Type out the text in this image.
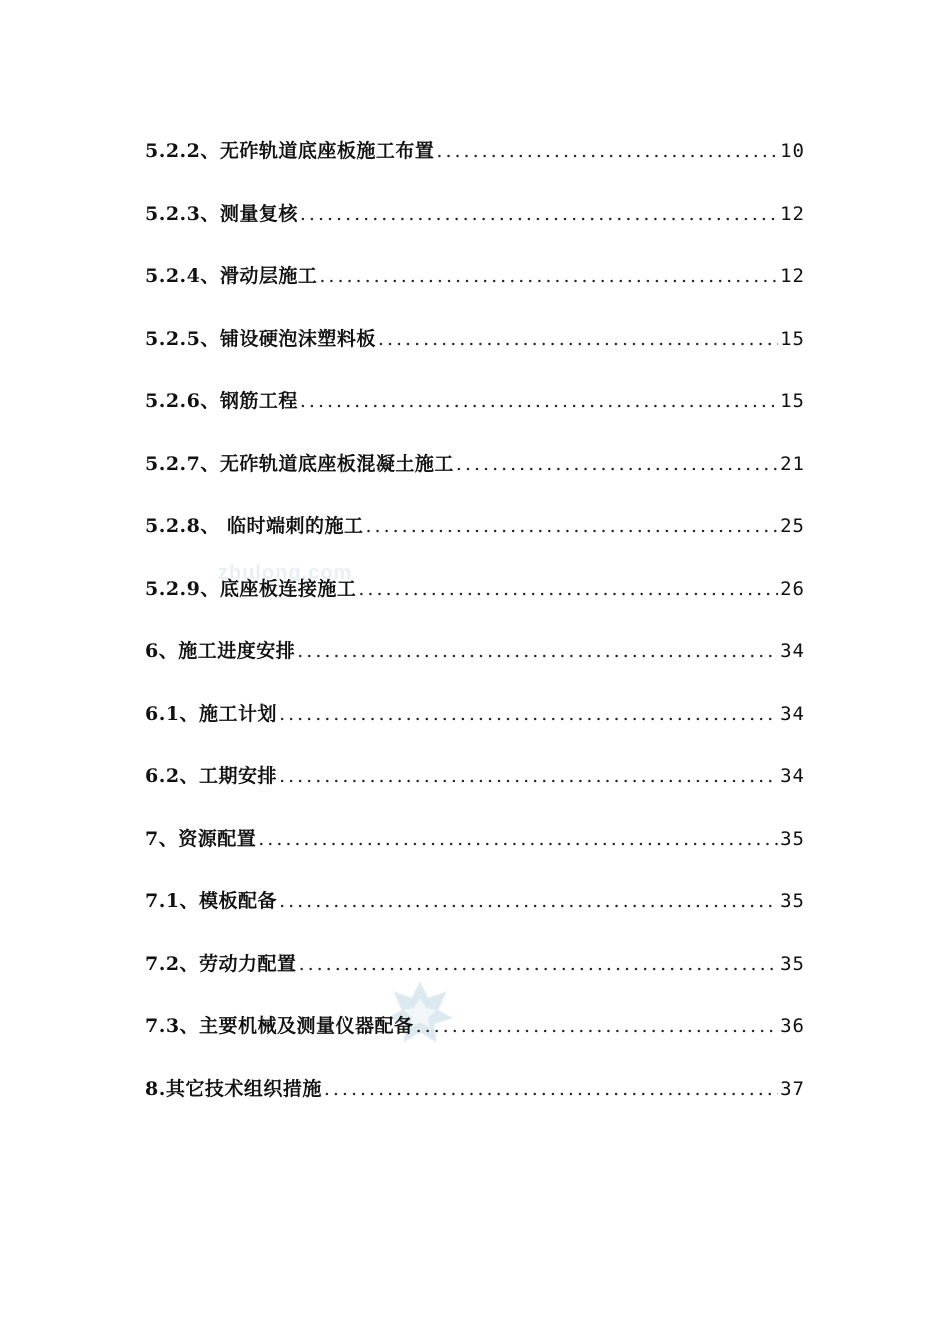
zhulong.com
5.2.2、无砟轨道底座板施工布置 .....	10
5.2.3、测量复核 .....	12
5.2.4、滑动层施工 .....	12
5.2.5、铺设硬泡沫塑料板 .....	15
5.2.6、钢筋工程 .....	15
5.2.7、无砟轨道底座板混凝土施工 .....	21
5.2.8、 临时端刺的施工 .....	25
5.2.9、底座板连接施工 .....	26
6、施工进度安排 .....	34
6.1、施工计划 .....	34
6.2、工期安排 .....	34
7、资源配置 .....	35
7.1、模板配备 .....	35
7.2、劳动力配置 .....	35
7.3、主要机械及测量仪器配备 .....	36
8.其它技术组织措施 .....	37
